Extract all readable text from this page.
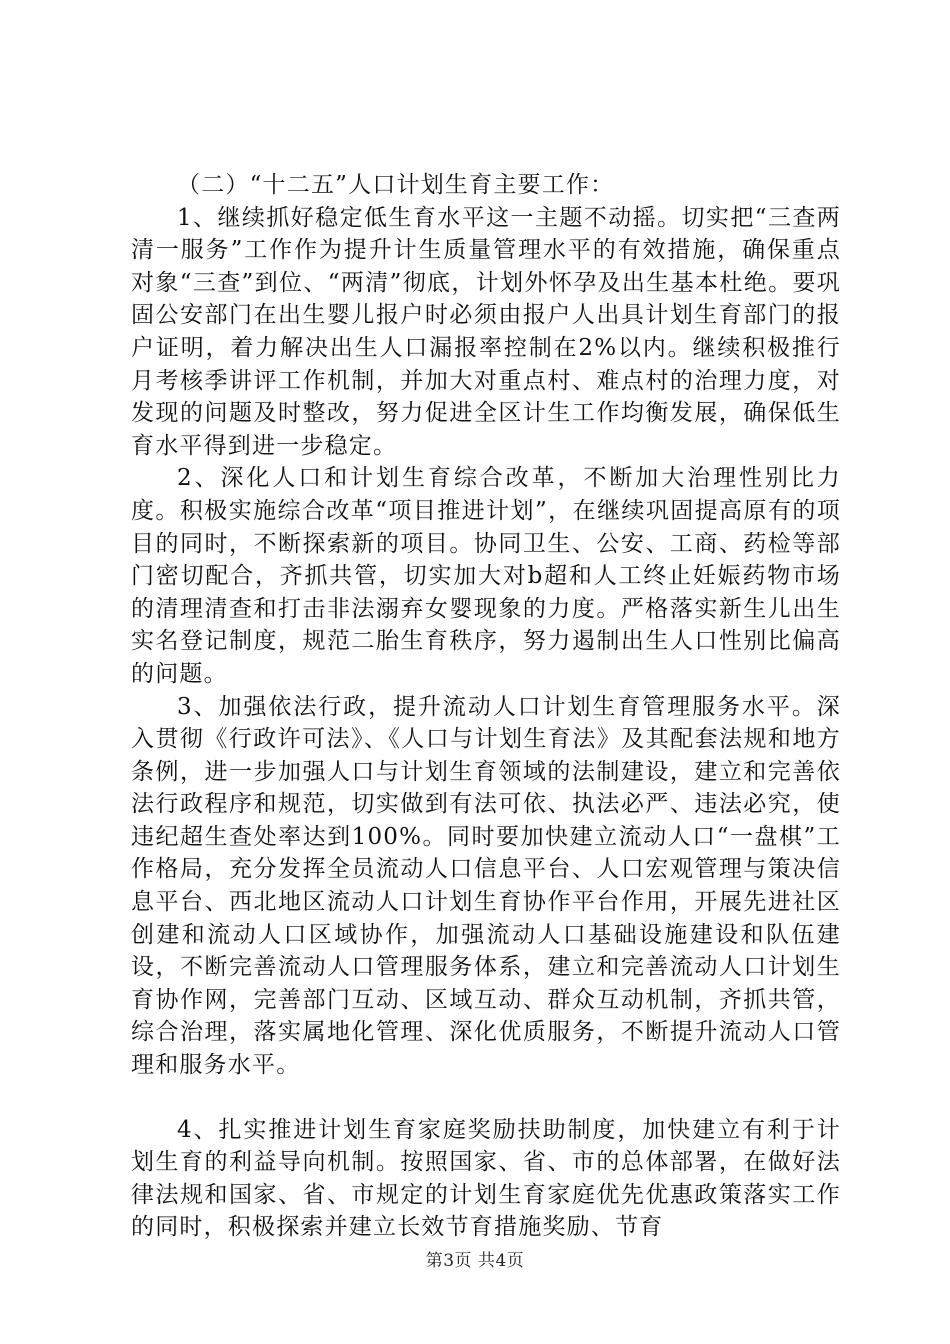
（二）“十二五”人口计划生育主要工作：

1、继续抓好稳定低生育水平这一主题不动摇。切实把“三查两清一服务”工作作为提升计生质量管理水平的有效措施，确保重点对象“三查”到位、“两清”彻底，计划外怀孕及出生基本杜绝。要巩固公安部门在出生婴儿报户时必须由报户人出具计划生育部门的报户证明，着力解决出生人口漏报率控制在2%以内。继续积极推行月考核季讲评工作机制，并加大对重点村、难点村的治理力度，对发现的问题及时整改，努力促进全区计生工作均衡发展，确保低生育水平得到进一步稳定。

2、深化人口和计划生育综合改革，不断加大治理性别比力度。积极实施综合改革“项目推进计划”，在继续巩固提高原有的项目的同时，不断探索新的项目。协同卫生、公安、工商、药检等部门密切配合，齐抓共管，切实加大对b超和人工终止妊娠药物市场的清理清查和打击非法溺弃女婴现象的力度。严格落实新生儿出生实名登记制度，规范二胎生育秩序，努力遏制出生人口性别比偏高的问题。

3、加强依法行政，提升流动人口计划生育管理服务水平。深入贯彻《行政许可法》、《人口与计划生育法》及其配套法规和地方条例，进一步加强人口与计划生育领域的法制建设，建立和完善依法行政程序和规范，切实做到有法可依、执法必严、违法必究，使违纪超生查处率达到100%。同时要加快建立流动人口“一盘棋”工作格局，充分发挥全员流动人口信息平台、人口宏观管理与策决信息平台、西北地区流动人口计划生育协作平台作用，开展先进社区创建和流动人口区域协作，加强流动人口基础设施建设和队伍建设，不断完善流动人口管理服务体系，建立和完善流动人口计划生育协作网，完善部门互动、区域互动、群众互动机制，齐抓共管，综合治理，落实属地化管理、深化优质服务，不断提升流动人口管理和服务水平。

4、扎实推进计划生育家庭奖励扶助制度，加快建立有利于计划生育的利益导向机制。按照国家、省、市的总体部署，在做好法律法规和国家、省、市规定的计划生育家庭优先优惠政策落实工作的同时，积极探索并建立长效节育措施奖励、节育

第3页 共4页
